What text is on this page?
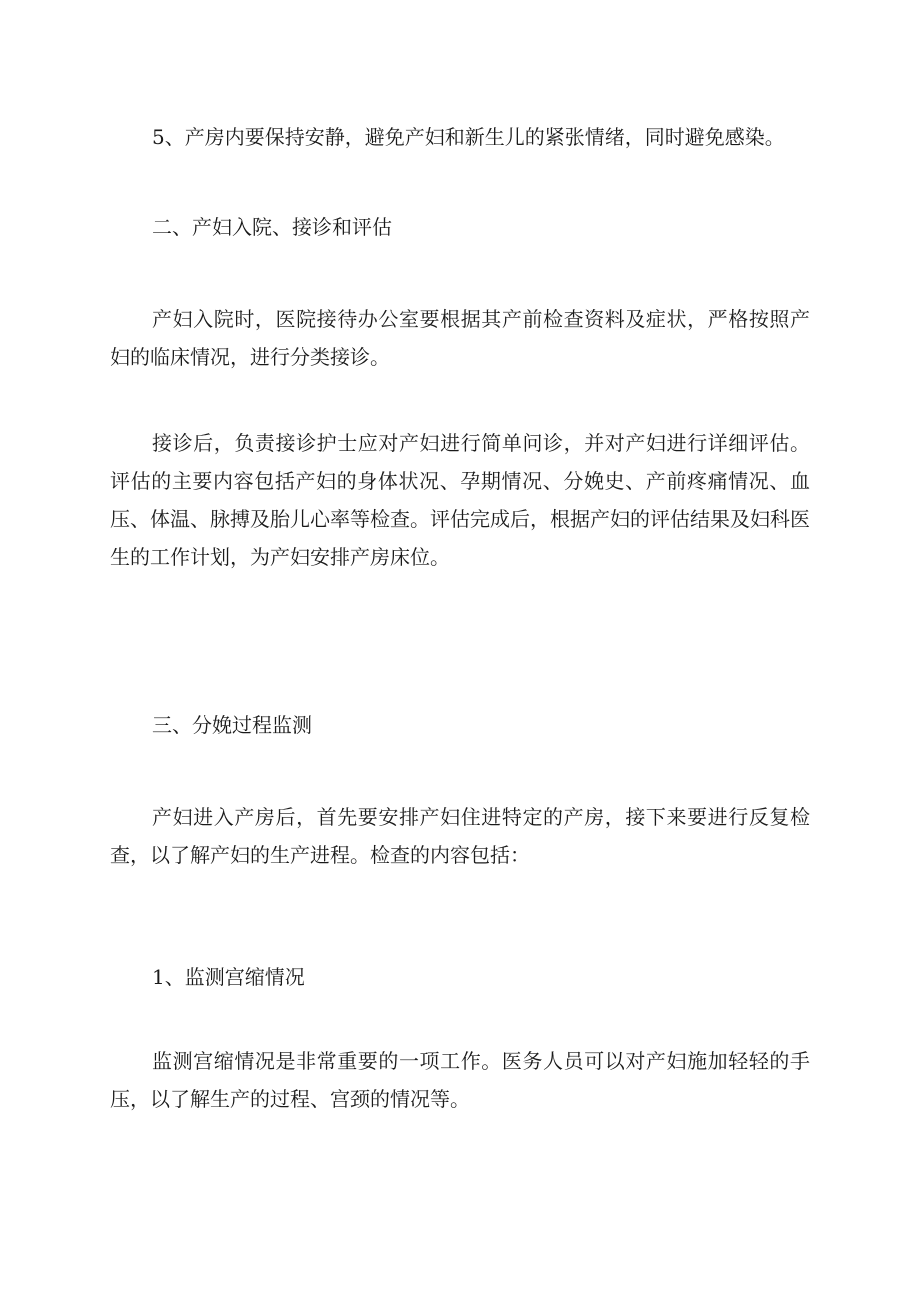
5、产房内要保持安静，避免产妇和新生儿的紧张情绪，同时避免感染。

二、产妇入院、接诊和评估

产妇入院时，医院接待办公室要根据其产前检查资料及症状，严格按照产妇的临床情况，进行分类接诊。

接诊后，负责接诊护士应对产妇进行简单问诊，并对产妇进行详细评估。评估的主要内容包括产妇的身体状况、孕期情况、分娩史、产前疼痛情况、血压、体温、脉搏及胎儿心率等检查。评估完成后，根据产妇的评估结果及妇科医生的工作计划，为产妇安排产房床位。

三、分娩过程监测

产妇进入产房后，首先要安排产妇住进特定的产房，接下来要进行反复检查，以了解产妇的生产进程。检查的内容包括：

1、监测宫缩情况

监测宫缩情况是非常重要的一项工作。医务人员可以对产妇施加轻轻的手压，以了解生产的过程、宫颈的情况等。
